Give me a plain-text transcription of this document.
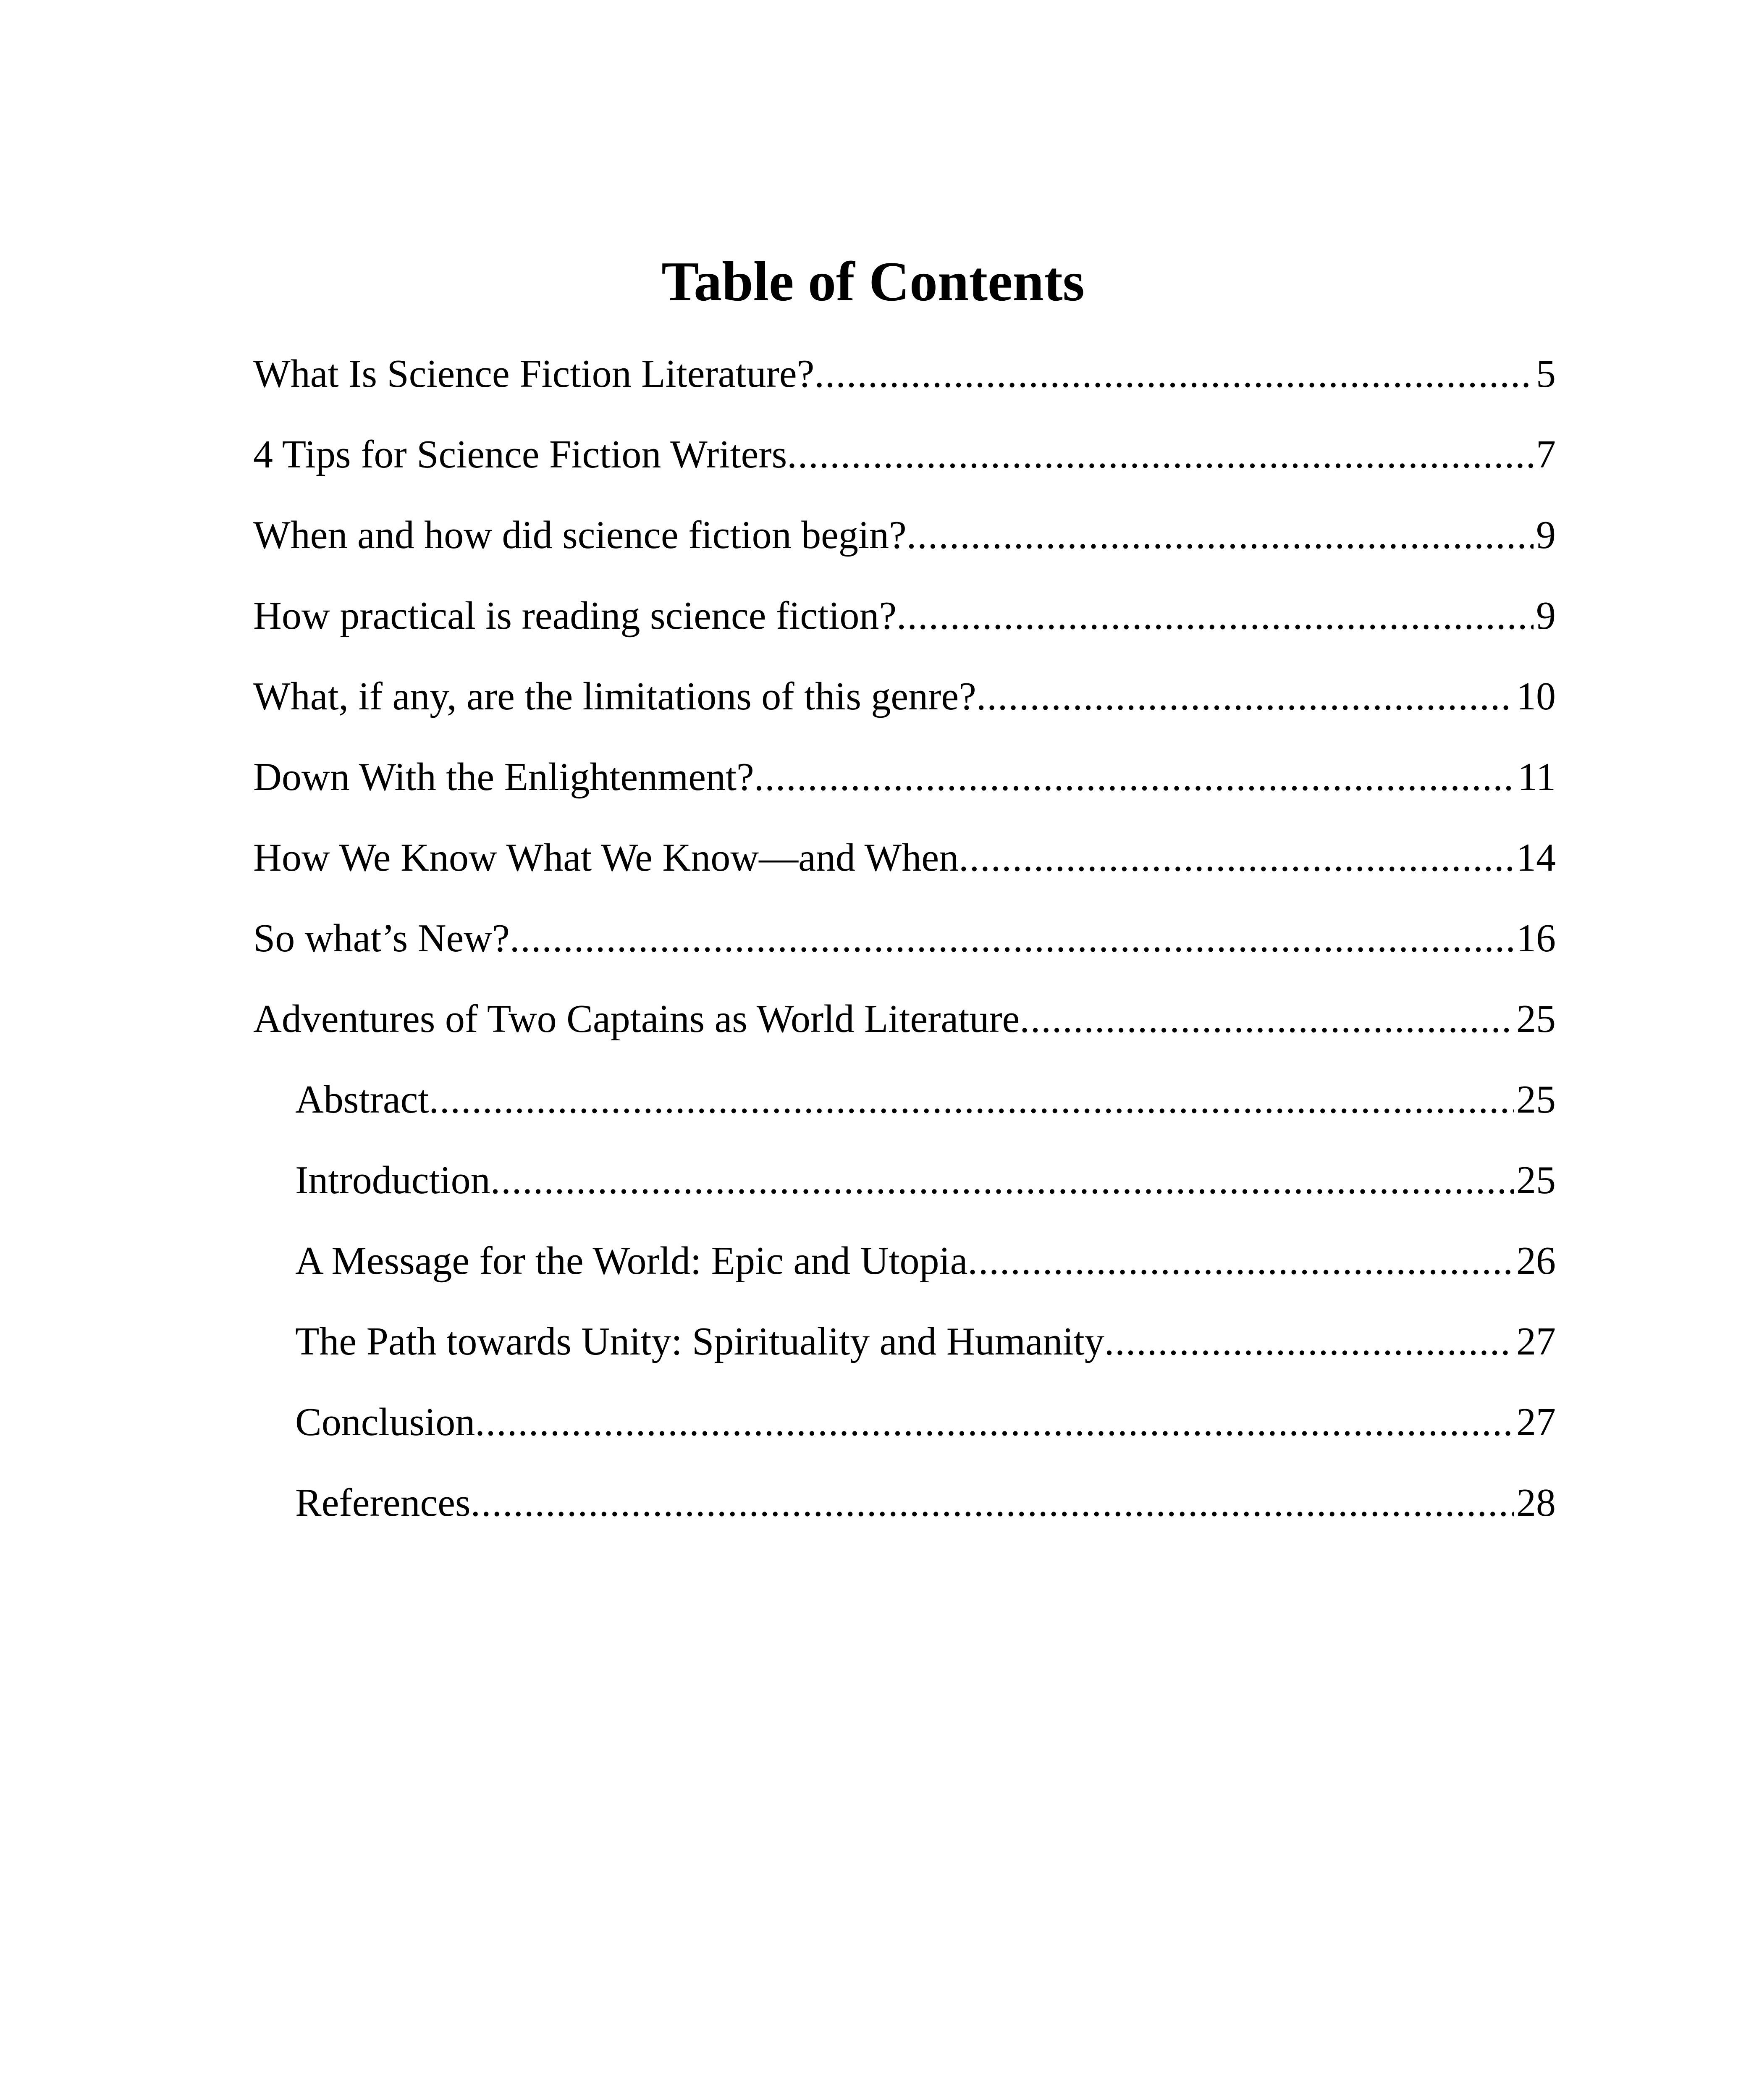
Table of Contents
What Is Science Fiction Literature? .....	5
4 Tips for Science Fiction Writers .....	7
When and how did science fiction begin? .....	9
How practical is reading science fiction? .....	9
What, if any, are the limitations of this genre? .....	10
Down With the Enlightenment? .....	11
How We Know What We Know—and When .....	14
So what’s New? .....	16
Adventures of Two Captains as World Literature .....	25
Abstract .....	25
Introduction .....	25
A Message for the World: Epic and Utopia .....	26
The Path towards Unity: Spirituality and Humanity .....	27
Conclusion .....	27
References .....	28
